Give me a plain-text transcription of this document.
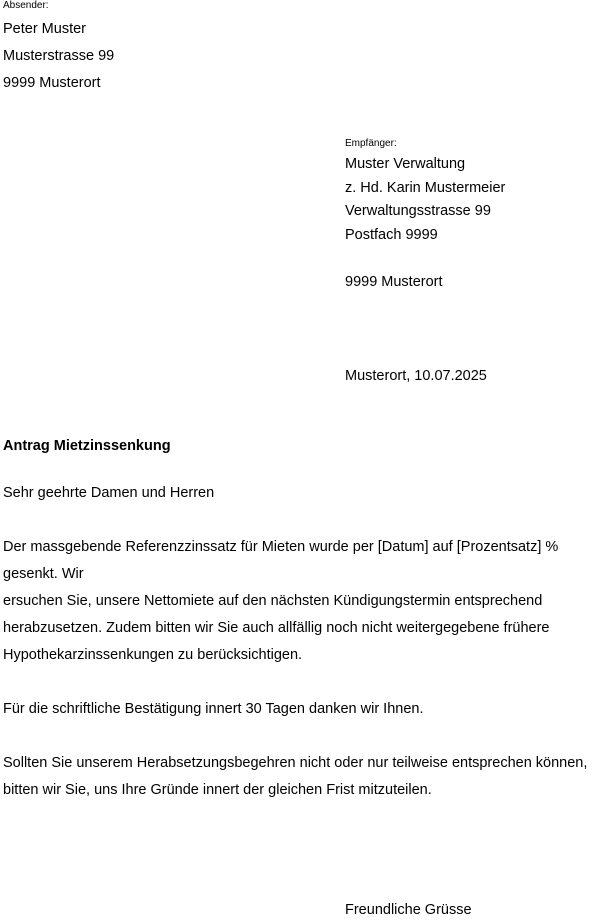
Absender:
Peter Muster
Musterstrasse 99
9999 Musterort
Empfänger:
Muster Verwaltung
z. Hd. Karin Mustermeier
Verwaltungsstrasse 99
Postfach 9999
9999 Musterort
Musterort, 10.07.2025
Antrag Mietzinssenkung
Sehr geehrte Damen und Herren
Der massgebende Referenzzinssatz für Mieten wurde per [Datum] auf [Prozentsatz] %
gesenkt. Wir
ersuchen Sie, unsere Nettomiete auf den nächsten Kündigungstermin entsprechend
herabzusetzen. Zudem bitten wir Sie auch allfällig noch nicht weitergegebene frühere
Hypothekarzinssenkungen zu berücksichtigen.
Für die schriftliche Bestätigung innert 30 Tagen danken wir Ihnen.
Sollten Sie unserem Herabsetzungsbegehren nicht oder nur teilweise entsprechen können,
bitten wir Sie, uns Ihre Gründe innert der gleichen Frist mitzuteilen.
Freundliche Grüsse
